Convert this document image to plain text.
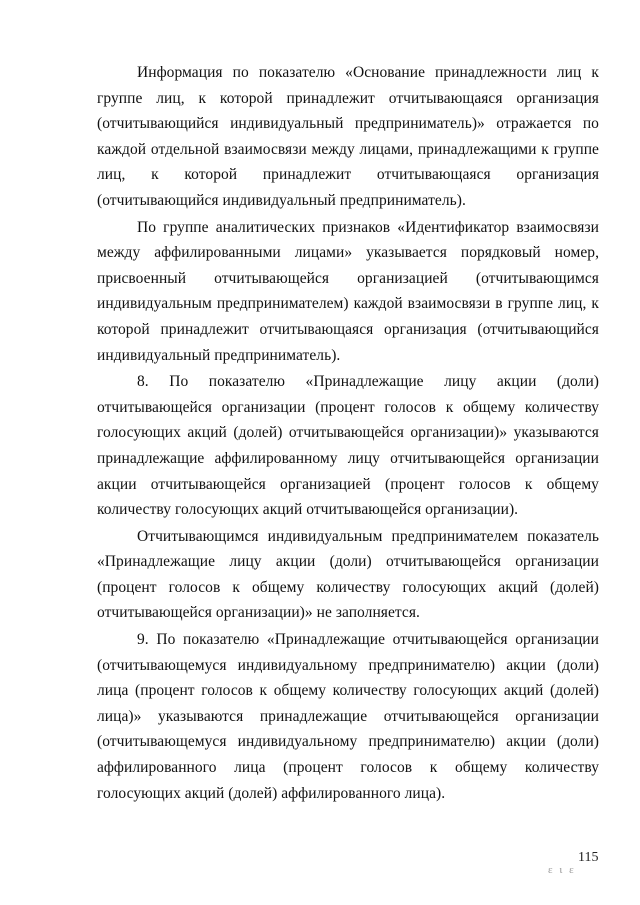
Информация по показателю «Основание принадлежности лиц к группе лиц, к которой принадлежит отчитывающаяся организация (отчитывающийся индивидуальный предприниматель)» отражается по каждой отдельной взаимосвязи между лицами, принадлежащими к группе лиц, к которой принадлежит отчитывающаяся организация (отчитывающийся индивидуальный предприниматель).

По группе аналитических признаков «Идентификатор взаимосвязи между аффилированными лицами» указывается порядковый номер, присвоенный отчитывающейся организацией (отчитывающимся индивидуальным предпринимателем) каждой взаимосвязи в группе лиц, к которой принадлежит отчитывающаяся организация (отчитывающийся индивидуальный предприниматель).

8. По показателю «Принадлежащие лицу акции (доли) отчитывающейся организации (процент голосов к общему количеству голосующих акций (долей) отчитывающейся организации)» указываются принадлежащие аффилированному лицу отчитывающейся организации акции отчитывающейся организацией (процент голосов к общему количеству голосующих акций отчитывающейся организации).

Отчитывающимся индивидуальным предпринимателем показатель «Принадлежащие лицу акции (доли) отчитывающейся организации (процент голосов к общему количеству голосующих акций (долей) отчитывающейся организации)» не заполняется.

9. По показателю «Принадлежащие отчитывающейся организации (отчитывающемуся индивидуальному предпринимателю) акции (доли) лица (процент голосов к общему количеству голосующих акций (долей) лица)» указываются принадлежащие отчитывающейся организации (отчитывающемуся индивидуальному предпринимателю) акции (доли) аффилированного лица (процент голосов к общему количеству голосующих акций (долей) аффилированного лица).

115
ε ι ε
